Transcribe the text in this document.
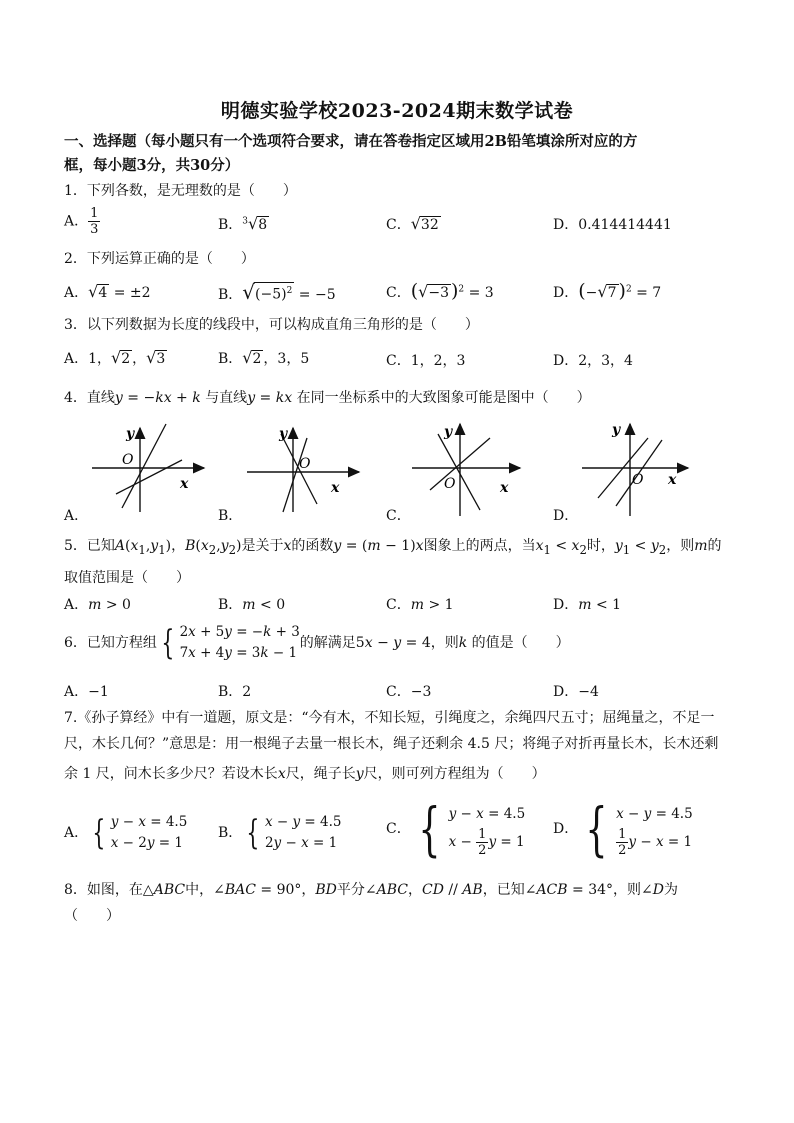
明德实验学校2023-2024期末数学试卷
一、选择题（每小题只有一个选项符合要求，请在答卷指定区域用2B铅笔填涂所对应的方
框，每小题3分，共30分）
1．下列各数，是无理数的是（　　）
A． $\frac{1}{3}$	B．$^3$√8	C．√32	D．0.414414441
2．下列运算正确的是（　　）
A．√4 = ±2	B．$√(-5)^2 = -5$	C．(√−3 )$^2$ = 3	D．(−√7 )$^2$ = 7
3．以下列数据为长度的线段中，可以构成直角三角形的是（　　）
A．1，√2 ，√3	B．√2 ，3，5	C．1，2，3	D．2，3，4
4．直线y = −kx + k 与直线y = kx 在同一坐标系中的大致图象可能是图中（　　）
y
O
x
y
O
x
y
O	x
y
O x
A．	B．	C．	D．
5．已知$A(x_1,y_1)$，$B(x_2,y_2)$是关于x的函数y = (m − 1)x图象上的两点，当$x_1 < x_2$时，$y_1 < y_2$，则m的
取值范围是（　　）
A．m > 0	B．m < 0	C．m > 1	D．m < 1
6．已知方程组 { 2x + 5y = −k + 3
7x + 4y = 3k − 1
的解满足5x − y = 4，则k 的值是（　　）
A．−1	B．2	C．−3	D．−4
7.《孙子算经》中有一道题，原文是：“今有木，不知长短，引绳度之，余绳四尺五寸；屈绳量之，不足一
尺，木长几何？”意思是：用一根绳子去量一根长木，绳子还剩余 4.5 尺；将绳子对折再量长木，长木还剩
余 1 尺，问木长多少尺？若设木长x尺，绳子长y尺，则可列方程组为（　　）
A． { y − x = 4.5
x − 2y = 1
B． { x − y = 4.5
2y − x = 1
C． { y − x = 4.5
$x - \frac{1}{2}$ y = 1
D． { x − y = 4.5
$\frac{1}{2}$ y − x = 1
8．如图，在△ABC中，∠BAC = 90°，BD平分∠ABC，CD // AB，已知∠ACB = 34°，则∠D为
（　　）
